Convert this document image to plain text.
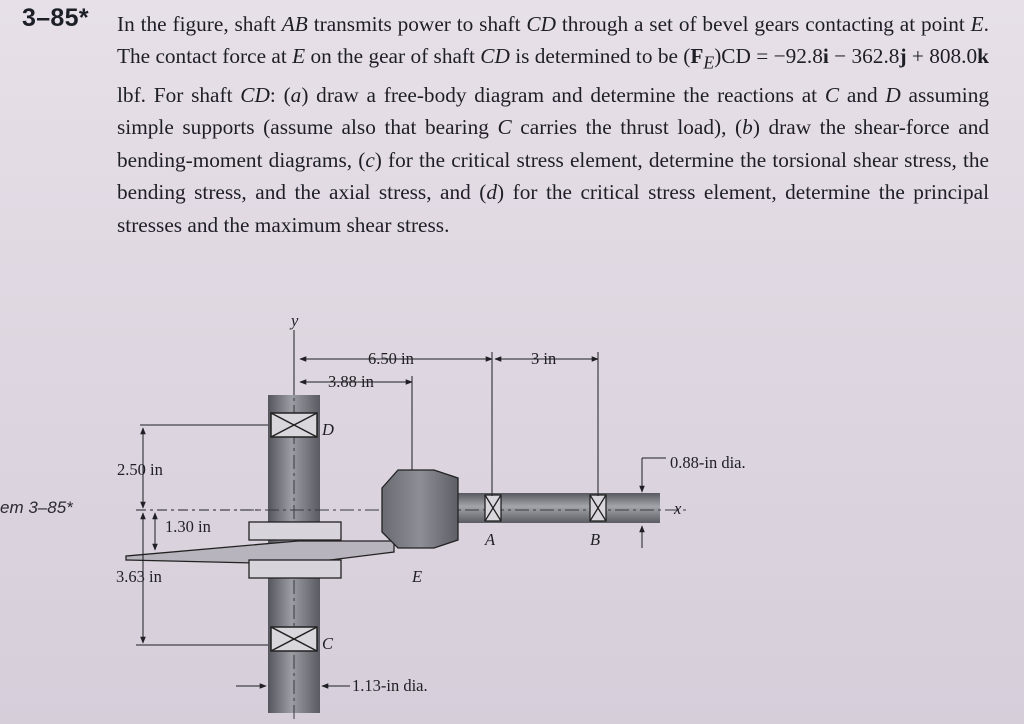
3–85* In the figure, shaft AB transmits power to shaft CD through a set of bevel gears contacting at point E. The contact force at E on the gear of shaft CD is determined to be $(F_E)CD = -92.8i - 362.8j + 808.0k$ lbf. For shaft CD: (a) draw a free-body diagram and determine the reactions at C and D assuming simple supports (assume also that bearing C carries the thrust load), (b) draw the shear-force and bending-moment diagrams, (c) for the critical stress element, determine the torsional shear stress, the bending stress, and the axial stress, and (d) for the critical stress element, determine the principal stresses and the maximum shear stress.

em 3–85*
6.50 in
3.88 in
3 in
2.50 in
1.30 in
3.63 in
0.88-in dia.
1.13-in dia.
y
x
D
C
A	B
E
